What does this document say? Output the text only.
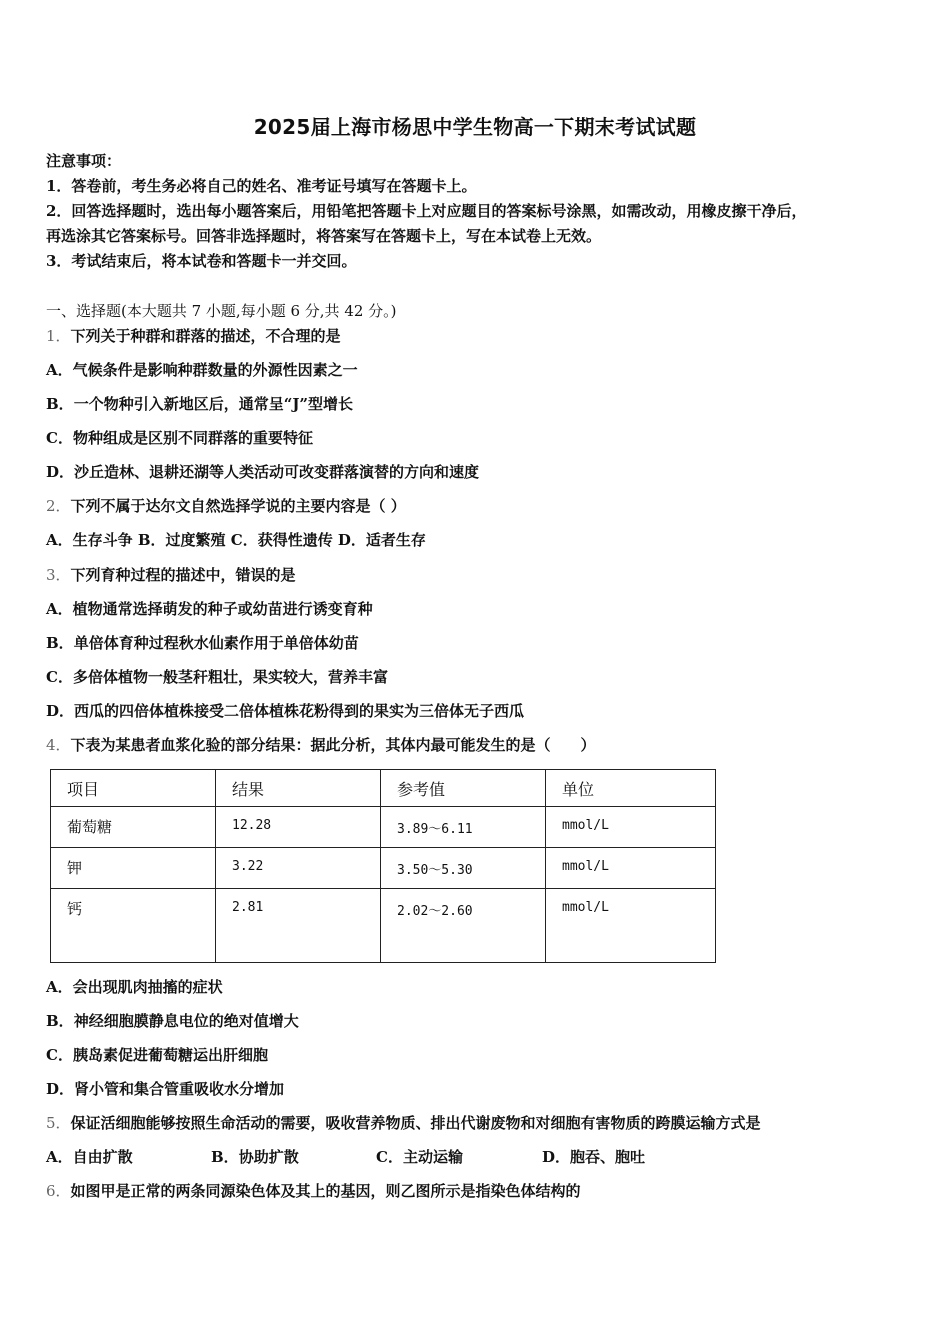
2025届上海市杨思中学生物高一下期末考试试题
注意事项：
1．答卷前，考生务必将自己的姓名、准考证号填写在答题卡上。
2．回答选择题时，选出每小题答案后，用铅笔把答题卡上对应题目的答案标号涂黑，如需改动，用橡皮擦干净后，
再选涂其它答案标号。回答非选择题时，将答案写在答题卡上，写在本试卷上无效。
3．考试结束后，将本试卷和答题卡一并交回。
一、选择题(本大题共 7 小题,每小题 6 分,共 42 分。)
1．下列关于种群和群落的描述，不合理的是
A．气候条件是影响种群数量的外源性因素之一
B．一个物种引入新地区后，通常呈“J”型增长
C．物种组成是区别不同群落的重要特征
D．沙丘造林、退耕还湖等人类活动可改变群落演替的方向和速度
2．下列不属于达尔文自然选择学说的主要内容是（ ）
A．生存斗争 B．过度繁殖 C．获得性遗传 D．适者生存
3．下列育种过程的描述中，错误的是
A．植物通常选择萌发的种子或幼苗进行诱变育种
B．单倍体育种过程秋水仙素作用于单倍体幼苗
C．多倍体植物一般茎秆粗壮，果实较大，营养丰富
D．西瓜的四倍体植株接受二倍体植株花粉得到的果实为三倍体无子西瓜
4．下表为某患者血浆化验的部分结果：据此分析，其体内最可能发生的是（　　）
项目	结果	参考值	单位
葡萄糖	12.28	3.89～6.11	mmol/L
钾	3.22	3.50～5.30	mmol/L
钙	2.81	2.02～2.60	mmol/L
A．会出现肌肉抽搐的症状
B．神经细胞膜静息电位的绝对值增大
C．胰岛素促进葡萄糖运出肝细胞
D．肾小管和集合管重吸收水分增加
5．保证活细胞能够按照生命活动的需要，吸收营养物质、排出代谢废物和对细胞有害物质的跨膜运输方式是
A．自由扩散	B．协助扩散	C．主动运输	D．胞吞、胞吐
6．如图甲是正常的两条同源染色体及其上的基因，则乙图所示是指染色体结构的
